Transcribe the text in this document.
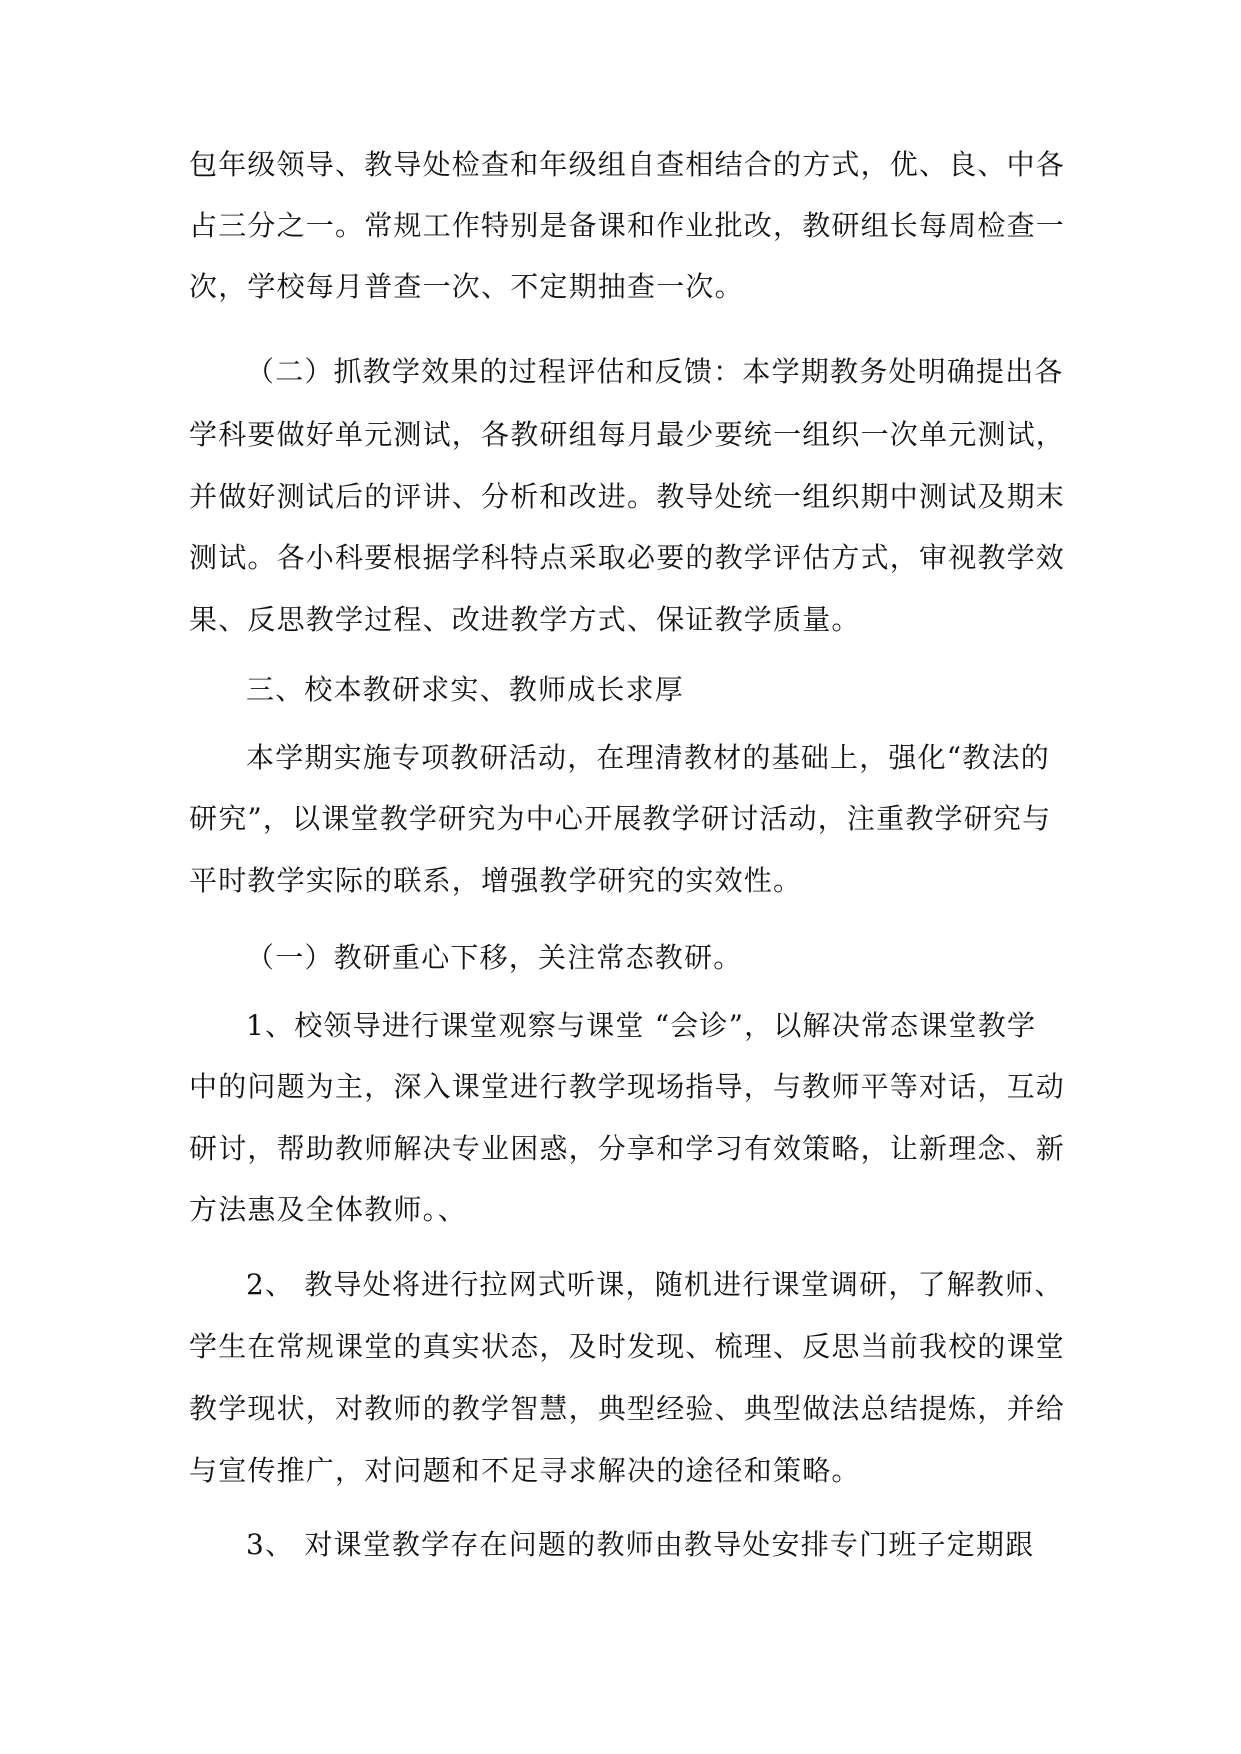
包年级领导、教导处检查和年级组自查相结合的方式，优、良、中各
占三分之一。常规工作特别是备课和作业批改，教研组长每周检查一
次，学校每月普查一次、不定期抽查一次。
（二）抓教学效果的过程评估和反馈：本学期教务处明确提出各
学科要做好单元测试，各教研组每月最少要统一组织一次单元测试，
并做好测试后的评讲、分析和改进。教导处统一组织期中测试及期末
测试。各小科要根据学科特点采取必要的教学评估方式，审视教学效
果、反思教学过程、改进教学方式、保证教学质量。
三、校本教研求实、教师成长求厚
本学期实施专项教研活动，在理清教材的基础上，强化“教法的
研究”，以课堂教学研究为中心开展教学研讨活动，注重教学研究与
平时教学实际的联系，增强教学研究的实效性。
（一）教研重心下移，关注常态教研。
1、校领导进行课堂观察与课堂 “会诊”，以解决常态课堂教学
中的问题为主，深入课堂进行教学现场指导，与教师平等对话，互动
研讨，帮助教师解决专业困惑，分享和学习有效策略，让新理念、新
方法惠及全体教师。、
2、 教导处将进行拉网式听课，随机进行课堂调研，了解教师、
学生在常规课堂的真实状态，及时发现、梳理、反思当前我校的课堂
教学现状，对教师的教学智慧，典型经验、典型做法总结提炼，并给
与宣传推广，对问题和不足寻求解决的途径和策略。
3、 对课堂教学存在问题的教师由教导处安排专门班子定期跟
